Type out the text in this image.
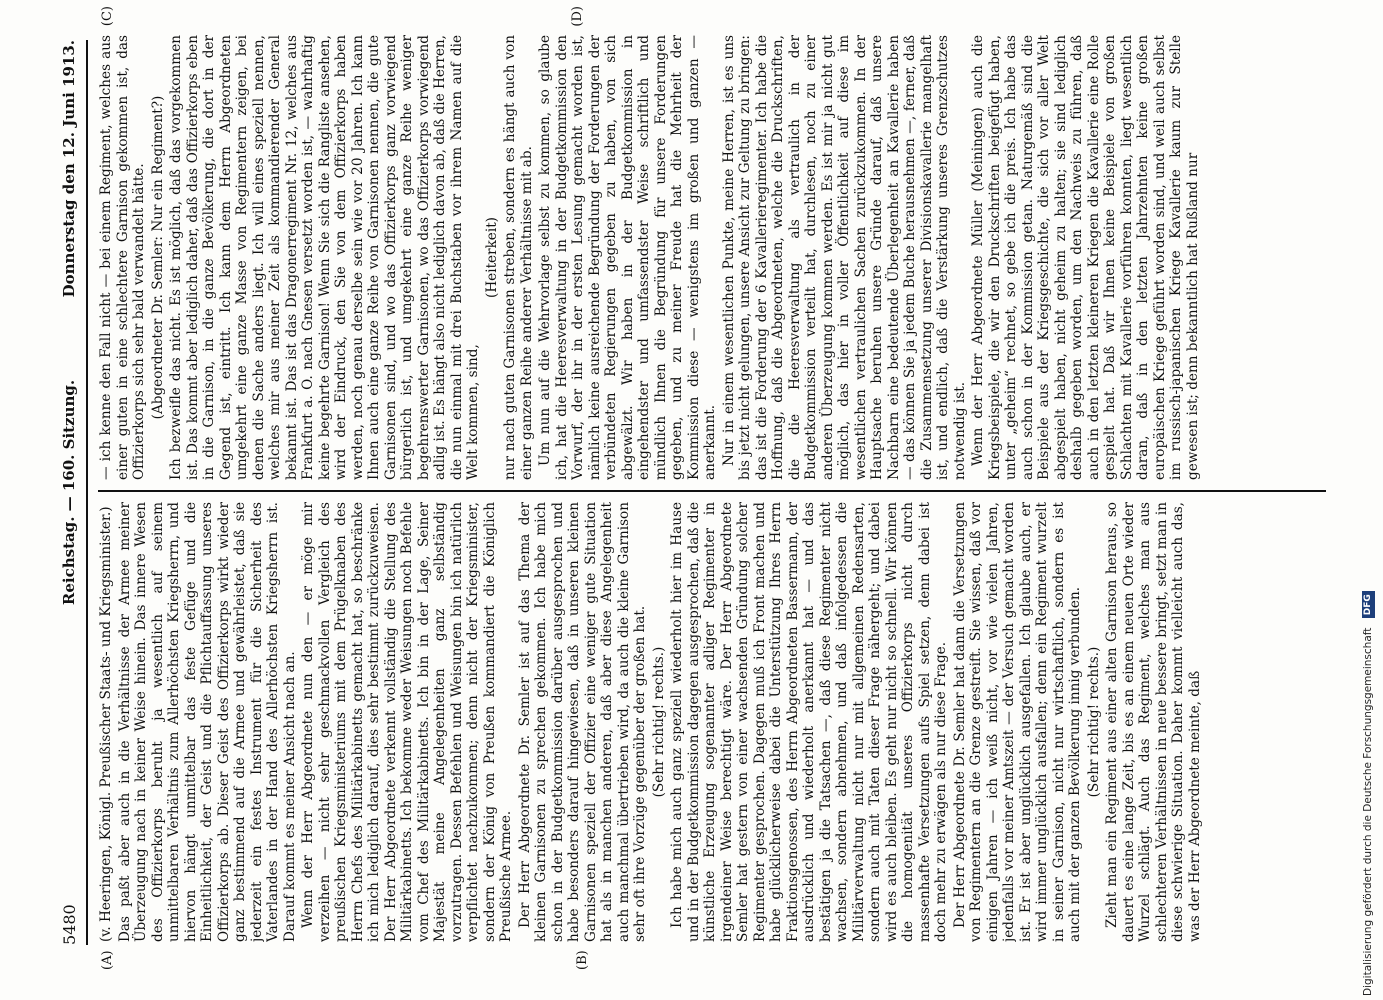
5480
Reichstag. — 160. Sitzung.
Donnerstag den 12. Juni 1913.
(A)	(B)
(C)	(D)

(v. Heeringen, Königl. Preußischer Staats- und Kriegsminister.) Das paßt aber auch in die Verhältnisse der Armee meiner Überzeugung nach in keiner Weise hinein. Das innere Wesen des Offizierkorps beruht ja wesentlich auf seinem unmittelbaren Verhältnis zum Allerhöchsten Kriegsherrn, und hiervon hängt unmittelbar das feste Gefüge und die Einheitlichkeit, der Geist und die Pflichtauffassung unseres Offizierkorps ab. Dieser Geist des Offizierkorps wirkt wieder ganz bestimmend auf die Armee und gewährleistet, daß sie jederzeit ein festes Instrument für die Sicherheit des Vaterlandes in der Hand des Allerhöchsten Kriegsherrn ist. Darauf kommt es meiner Ansicht nach an. Wenn der Herr Abgeordnete nun den — er möge mir verzeihen — nicht sehr geschmackvollen Vergleich des preußischen Kriegsministeriums mit dem Prügelknaben des Herrn Chefs des Militärkabinetts gemacht hat, so beschränke ich mich lediglich darauf, dies sehr bestimmt zurückzuweisen. Der Herr Abgeordnete verkennt vollständig die Stellung des Militärkabinetts. Ich bekomme weder Weisungen noch Befehle vom Chef des Militärkabinetts. Ich bin in der Lage, Seiner Majestät meine Angelegenheiten ganz selbständig vorzutragen. Dessen Befehlen und Weisungen bin ich natürlich verpflichtet nachzukommen; denn nicht der Kriegsminister, sondern der König von Preußen kommandiert die Königlich Preußische Armee. Der Herr Abgeordnete Dr. Semler ist auf das Thema der kleinen Garnisonen zu sprechen gekommen. Ich habe mich schon in der Budgetkommission darüber ausgesprochen und habe besonders darauf hingewiesen, daß in unseren kleinen Garnisonen speziell der Offizier eine weniger gute Situation hat als in manchen anderen, daß aber diese Angelegenheit auch manchmal übertrieben wird, da auch die kleine Garnison sehr oft ihre Vorzüge gegenüber der großen hat. (Sehr richtig! rechts.) Ich habe mich auch ganz speziell wiederholt hier im Hause und in der Budgetkommission dagegen ausgesprochen, daß die künstliche Erzeugung sogenannter adliger Regimenter in irgendeiner Weise berechtigt wäre. Der Herr Abgeordnete Semler hat gestern von einer wachsenden Gründung solcher Regimenter gesprochen. Dagegen muß ich Front machen und habe glücklicherweise dabei die Unterstützung Ihres Herrn Fraktionsgenossen, des Herrn Abgeordneten Bassermann, der ausdrücklich und wiederholt anerkannt hat — und das bestätigen ja die Tatsachen —, daß diese Regimenter nicht wachsen, sondern abnehmen, und daß infolgedessen die Militärverwaltung nicht nur mit allgemeinen Redensarten, sondern auch mit Taten dieser Frage nähergeht; und dabei wird es auch bleiben. Es geht nur nicht so schnell. Wir können die homogenität unseres Offizierkorps nicht durch massenhafte Versetzungen aufs Spiel setzen, denn dabei ist doch mehr zu erwägen als nur diese Frage. Der Herr Abgeordnete Dr. Semler hat dann die Versetzungen von Regimentern an die Grenze gestreift. Sie wissen, daß vor einigen Jahren — ich weiß nicht, vor wie vielen Jahren, jedenfalls vor meiner Amtszeit — der Versuch gemacht worden ist. Er ist aber unglücklich ausgefallen. Ich glaube auch, er wird immer unglücklich ausfallen; denn ein Regiment wurzelt in seiner Garnison, nicht nur wirtschaftlich, sondern es ist auch mit der ganzen Bevölkerung innig verbunden. (Sehr richtig! rechts.) Zieht man ein Regiment aus einer alten Garnison heraus, so dauert es eine lange Zeit, bis es an einem neuen Orte wieder Wurzel schlägt. Auch das Regiment, welches man aus schlechteren Verhältnissen in neue bessere bringt, setzt man in diese schwierige Situation. Daher kommt vielleicht auch das, was der Herr Abgeordnete meinte, daß

— ich kenne den Fall nicht — bei einem Regiment, welches aus einer guten in eine schlechtere Garnison gekommen ist, das Offizierkorps sich sehr bald verwandelt hätte. (Abgeordneter Dr. Semler: Nur ein Regiment?) Ich bezweifle das nicht. Es ist möglich, daß das vorgekommen ist. Das kommt aber lediglich daher, daß das Offizierkorps eben in die Garnison, in die ganze Bevölkerung, die dort in der Gegend ist, eintritt. Ich kann dem Herrn Abgeordneten umgekehrt eine ganze Masse von Regimentern zeigen, bei denen die Sache anders liegt. Ich will eines speziell nennen, welches mir aus meiner Zeit als kommandierender General bekannt ist. Das ist das Dragonerregiment Nr. 12, welches aus Frankfurt a. O. nach Gnesen versetzt worden ist, — wahrhaftig keine begehrte Garnison! Wenn Sie sich die Rangliste ansehen, wird der Eindruck, den Sie von dem Offizierkorps haben werden, noch genau derselbe sein wie vor 20 Jahren. Ich kann Ihnen auch eine ganze Reihe von Garnisonen nennen, die gute Garnisonen sind, und wo das Offizierkorps ganz vorwiegend bürgerlich ist, und umgekehrt eine ganze Reihe weniger begehrenswerter Garnisonen, wo das Offizierkorps vorwiegend adlig ist. Es hängt also nicht lediglich davon ab, daß die Herren, die nun einmal mit drei Buchstaben vor ihrem Namen auf die Welt kommen, sind,

(Heiterkeit) nur nach guten Garnisonen streben, sondern es hängt auch von einer ganzen Reihe anderer Verhältnisse mit ab. Um nun auf die Wehrvorlage selbst zu kommen, so glaube ich, hat die Heeresverwaltung in der Budgetkommission den Vorwurf, der ihr in der ersten Lesung gemacht worden ist, nämlich keine ausreichende Begründung der Forderungen der verbündeten Regierungen gegeben zu haben, von sich abgewälzt. Wir haben in der Budgetkommission in eingehendster und umfassendster Weise schriftlich und mündlich Ihnen die Begründung für unsere Forderungen gegeben, und zu meiner Freude hat die Mehrheit der Kommission diese — wenigstens im großen und ganzen — anerkannt. Nur in einem wesentlichen Punkte, meine Herren, ist es uns bis jetzt nicht gelungen, unsere Ansicht zur Geltung zu bringen: das ist die Forderung der 6 Kavallerieregimenter. Ich habe die Hoffnung, daß die Abgeordneten, welche die Druckschriften, die die Heeresverwaltung als vertraulich in der Budgetkommission verteilt hat, durchlesen, noch zu einer anderen Überzeugung kommen werden. Es ist mir ja nicht gut möglich, das hier in voller Öffentlichkeit auf diese im wesentlichen vertraulichen Sachen zurückzukommen. In der Hauptsache beruhen unsere Gründe darauf, daß unsere Nachbarn eine bedeutende Überlegenheit an Kavallerie haben — das können Sie ja jedem Buche herausnehmen —, ferner, daß die Zusammensetzung unserer Divisionskavallerie mangelhaft ist, und endlich, daß die Verstärkung unseres Grenzschutzes notwendig ist. Wenn der Herr Abgeordnete Müller (Meiningen) auch die Kriegsbeispiele, die wir den Druckschriften beigefügt haben, unter „geheim“ rechnet, so gebe ich die preis. Ich habe das auch schon in der Kommission getan. Naturgemäß sind die Beispiele aus der Kriegsgeschichte, die sich vor aller Welt abgespielt haben, nicht geheim zu halten; sie sind lediglich deshalb gegeben worden, um den Nachweis zu führen, daß auch in den letzten kleineren Kriegen die Kavallerie eine Rolle gespielt hat. Daß wir Ihnen keine Beispiele von großen Schlachten mit Kavallerie vorführen konnten, liegt wesentlich daran, daß in den letzten Jahrzehnten keine großen europäischen Kriege geführt worden sind, und weil auch selbst im russisch-japanischen Kriege Kavallerie kaum zur Stelle gewesen ist; denn bekanntlich hat Rußland nur

Digitalisierung gefördert durch die Deutsche Forschungsgemeinschaft DFG
